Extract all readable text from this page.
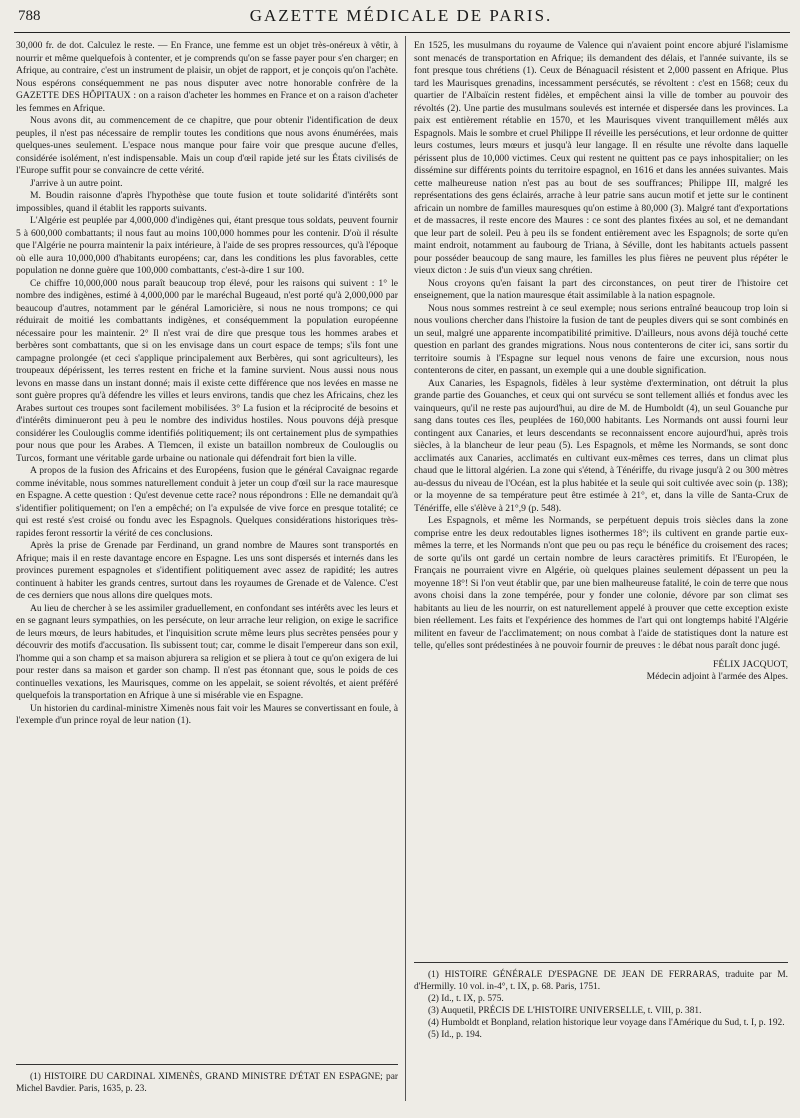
788	GAZETTE MÉDICALE DE PARIS.

30,000 fr. de dot. Calculez le reste. — En France, une femme est un objet très-onéreux à vêtir, à nourrir et même quelquefois à contenter, et je comprends qu'on se fasse payer pour s'en charger; en Afrique, au contraire, c'est un instrument de plaisir, un objet de rapport, et je conçois qu'on l'achète. Nous espérons conséquemment ne pas nous disputer avec notre honorable confrère de la GAZETTE DES HÔPITAUX : on a raison d'acheter les hommes en France et on a raison d'acheter les femmes en Afrique.

Nous avons dit, au commencement de ce chapitre, que pour obtenir l'identification de deux peuples, il n'est pas nécessaire de remplir toutes les conditions que nous avons énumérées, mais quelques-unes seulement. L'espace nous manque pour faire voir que presque aucune d'elles, considérée isolément, n'est indispensable. Mais un coup d'œil rapide jeté sur les États civilisés de l'Europe suffit pour se convaincre de cette vérité.

J'arrive à un autre point.

M. Boudin raisonne d'après l'hypothèse que toute fusion et toute solidarité d'intérêts sont impossibles, quand il établit les rapports suivants.

L'Algérie est peuplée par 4,000,000 d'indigènes qui, étant presque tous soldats, peuvent fournir 5 à 600,000 combattants; il nous faut au moins 100,000 hommes pour les contenir. D'où il résulte que l'Algérie ne pourra maintenir la paix intérieure, à l'aide de ses propres ressources, qu'à l'époque où elle aura 10,000,000 d'habitants européens; car, dans les conditions les plus favorables, cette population ne donne guère que 100,000 combattants, c'est-à-dire 1 sur 100.

Ce chiffre 10,000,000 nous paraît beaucoup trop élevé, pour les raisons qui suivent : 1° le nombre des indigènes, estimé à 4,000,000 par le maréchal Bugeaud, n'est porté qu'à 2,000,000 par beaucoup d'autres, notamment par le général Lamoricière, si nous ne nous trompons; ce qui réduirait de moitié les combattants indigènes, et conséquemment la population européenne nécessaire pour les maintenir. 2° Il n'est vrai de dire que presque tous les hommes arabes et berbères sont combattants, que si on les envisage dans un court espace de temps; s'ils font une campagne prolongée (et ceci s'applique principalement aux Berbères, qui sont agriculteurs), les troupeaux dépérissent, les terres restent en friche et la famine survient. Nous aussi nous nous levons en masse dans un instant donné; mais il existe cette différence que nos levées en masse ne sont guère propres qu'à défendre les villes et leurs environs, tandis que chez les Africains, chez les Arabes surtout ces troupes sont facilement mobilisées. 3° La fusion et la réciprocité de besoins et d'intérêts diminueront peu à peu le nombre des individus hostiles. Nous pouvons déjà presque considérer les Coulouglis comme identifiés politiquement; ils ont certainement plus de sympathies pour nous que pour les Arabes. A Tlemcen, il existe un bataillon nombreux de Coulouglis ou Turcos, formant une véritable garde urbaine ou nationale qui défendrait fort bien la ville.

A propos de la fusion des Africains et des Européens, fusion que le général Cavaignac regarde comme inévitable, nous sommes naturellement conduit à jeter un coup d'œil sur la race mauresque en Espagne. A cette question : Qu'est devenue cette race? nous répondrons : Elle ne demandait qu'à s'identifier politiquement; on l'en a empêché; on l'a expulsée de vive force en presque totalité; ce qui est resté s'est croisé ou fondu avec les Espagnols. Quelques considérations historiques très-rapides feront ressortir la vérité de ces conclusions.

Après la prise de Grenade par Ferdinand, un grand nombre de Maures sont transportés en Afrique; mais il en reste davantage encore en Espagne. Les uns sont dispersés et internés dans les provinces purement espagnoles et s'identifient politiquement avec assez de rapidité; les autres continuent à habiter les grands centres, surtout dans les royaumes de Grenade et de Valence. C'est de ces derniers que nous allons dire quelques mots.

Au lieu de chercher à se les assimiler graduellement, en confondant ses intérêts avec les leurs et en se gagnant leurs sympathies, on les persécute, on leur arrache leur religion, on exige le sacrifice de leurs mœurs, de leurs habitudes, et l'inquisition scrute même leurs plus secrètes pensées pour y découvrir des motifs d'accusation. Ils subissent tout; car, comme le disait l'empereur dans son exil, l'homme qui a son champ et sa maison abjurera sa religion et se pliera à tout ce qu'on exigera de lui pour rester dans sa maison et garder son champ. Il n'est pas étonnant que, sous le poids de ces continuelles vexations, les Maurisques, comme on les appelait, se soient révoltés, et aient préféré quelquefois la transportation en Afrique à une si misérable vie en Espagne.

Un historien du cardinal-ministre Ximenès nous fait voir les Maures se convertissant en foule, à l'exemple d'un prince royal de leur nation (1).

En 1525, les musulmans du royaume de Valence qui n'avaient point encore abjuré l'islamisme sont menacés de transportation en Afrique; ils demandent des délais, et l'année suivante, ils se font presque tous chrétiens (1). Ceux de Bénaguacil résistent et 2,000 passent en Afrique. Plus tard les Maurisques grenadins, incessamment persécutés, se révoltent : c'est en 1568; ceux du quartier de l'Albaïcin restent fidèles, et empêchent ainsi la ville de tomber au pouvoir des révoltés (2). Une partie des musulmans soulevés est internée et dispersée dans les provinces. La paix est entièrement rétablie en 1570, et les Maurisques vivent tranquillement mêlés aux Espagnols. Mais le sombre et cruel Philippe II réveille les persécutions, et leur ordonne de quitter leurs costumes, leurs mœurs et jusqu'à leur langage. Il en résulte une révolte dans laquelle périssent plus de 10,000 victimes. Ceux qui restent ne quittent pas ce pays inhospitalier; on les dissémine sur différents points du territoire espagnol, en 1616 et dans les années suivantes. Mais cette malheureuse nation n'est pas au bout de ses souffrances; Philippe III, malgré les représentations des gens éclairés, arrache à leur patrie sans aucun motif et jette sur le continent africain un nombre de familles mauresques qu'on estime à 80,000 (3). Malgré tant d'exportations et de massacres, il reste encore des Maures : ce sont des plantes fixées au sol, et ne demandant que leur part de soleil. Peu à peu ils se fondent entièrement avec les Espagnols; de sorte qu'en maint endroit, notamment au faubourg de Triana, à Séville, dont les habitants actuels passent pour posséder beaucoup de sang maure, les familles les plus fières ne peuvent plus répéter le vieux dicton : Je suis d'un vieux sang chrétien.

Nous croyons qu'en faisant la part des circonstances, on peut tirer de l'histoire cet enseignement, que la nation mauresque était assimilable à la nation espagnole.

Nous nous sommes restreint à ce seul exemple; nous serions entraîné beaucoup trop loin si nous voulions chercher dans l'histoire la fusion de tant de peuples divers qui se sont combinés en un seul, malgré une apparente incompatibilité primitive. D'ailleurs, nous avons déjà touché cette question en parlant des grandes migrations. Nous nous contenterons de citer ici, sans sortir du territoire soumis à l'Espagne sur lequel nous venons de faire une excursion, nous nous contenterons de citer, en passant, un exemple qui a une double signification.

Aux Canaries, les Espagnols, fidèles à leur système d'extermination, ont détruit la plus grande partie des Gouanches, et ceux qui ont survécu se sont tellement alliés et fondus avec les vainqueurs, qu'il ne reste pas aujourd'hui, au dire de M. de Humboldt (4), un seul Gouanche pur sang dans toutes ces îles, peuplées de 160,000 habitants. Les Normands ont aussi fourni leur contingent aux Canaries, et leurs descendants se reconnaissent encore aujourd'hui, après trois siècles, à la blancheur de leur peau (5). Les Espagnols, et même les Normands, se sont donc acclimatés aux Canaries, acclimatés en cultivant eux-mêmes ces terres, dans un climat plus chaud que le littoral algérien. La zone qui s'étend, à Ténériffe, du rivage jusqu'à 2 ou 300 mètres au-dessus du niveau de l'Océan, est la plus habitée et la seule qui soit cultivée avec soin (p. 138); or la moyenne de sa température peut être estimée à 21°, et, dans la ville de Santa-Crux de Ténériffe, elle s'élève à 21°,9 (p. 548).

Les Espagnols, et même les Normands, se perpétuent depuis trois siècles dans la zone comprise entre les deux redoutables lignes isothermes 18°; ils cultivent en grande partie eux-mêmes la terre, et les Normands n'ont que peu ou pas reçu le bénéfice du croisement des races; de sorte qu'ils ont gardé un certain nombre de leurs caractères primitifs. Et l'Européen, le Français ne pourraient vivre en Algérie, où quelques plaines seulement dépassent un peu la moyenne 18°! Si l'on veut établir que, par une bien malheureuse fatalité, le coin de terre que nous avons choisi dans la zone tempérée, pour y fonder une colonie, dévore par son climat ses habitants au lieu de les nourrir, on est naturellement appelé à prouver que cette exception existe bien réellement. Les faits et l'expérience des hommes de l'art qui ont longtemps habité l'Algérie militent en faveur de l'acclimatement; on nous combat à l'aide de statistiques dont la nature est telle, qu'elles sont prédestinées à ne pouvoir fournir de preuves : le débat nous paraît donc jugé.

FÉLIX JACQUOT,
Médecin adjoint à l'armée des Alpes.

(1) HISTOIRE DU CARDINAL XIMENÈS, GRAND MINISTRE D'ÉTAT EN ESPAGNE; par Michel Bavdier. Paris, 1635, p. 23.

(1) HISTOIRE GÉNÉRALE D'ESPAGNE DE JEAN DE FERRARAS, traduite par M. d'Hermilly. 10 vol. in-4°, t. IX, p. 68. Paris, 1751.

(2) Id., t. IX, p. 575.

(3) Auquetil, PRÉCIS DE L'HISTOIRE UNIVERSELLE, t. VIII, p. 381.

(4) Humboldt et Bonpland, relation historique leur voyage dans l'Amérique du Sud, t. I, p. 192.

(5) Id., p. 194.
